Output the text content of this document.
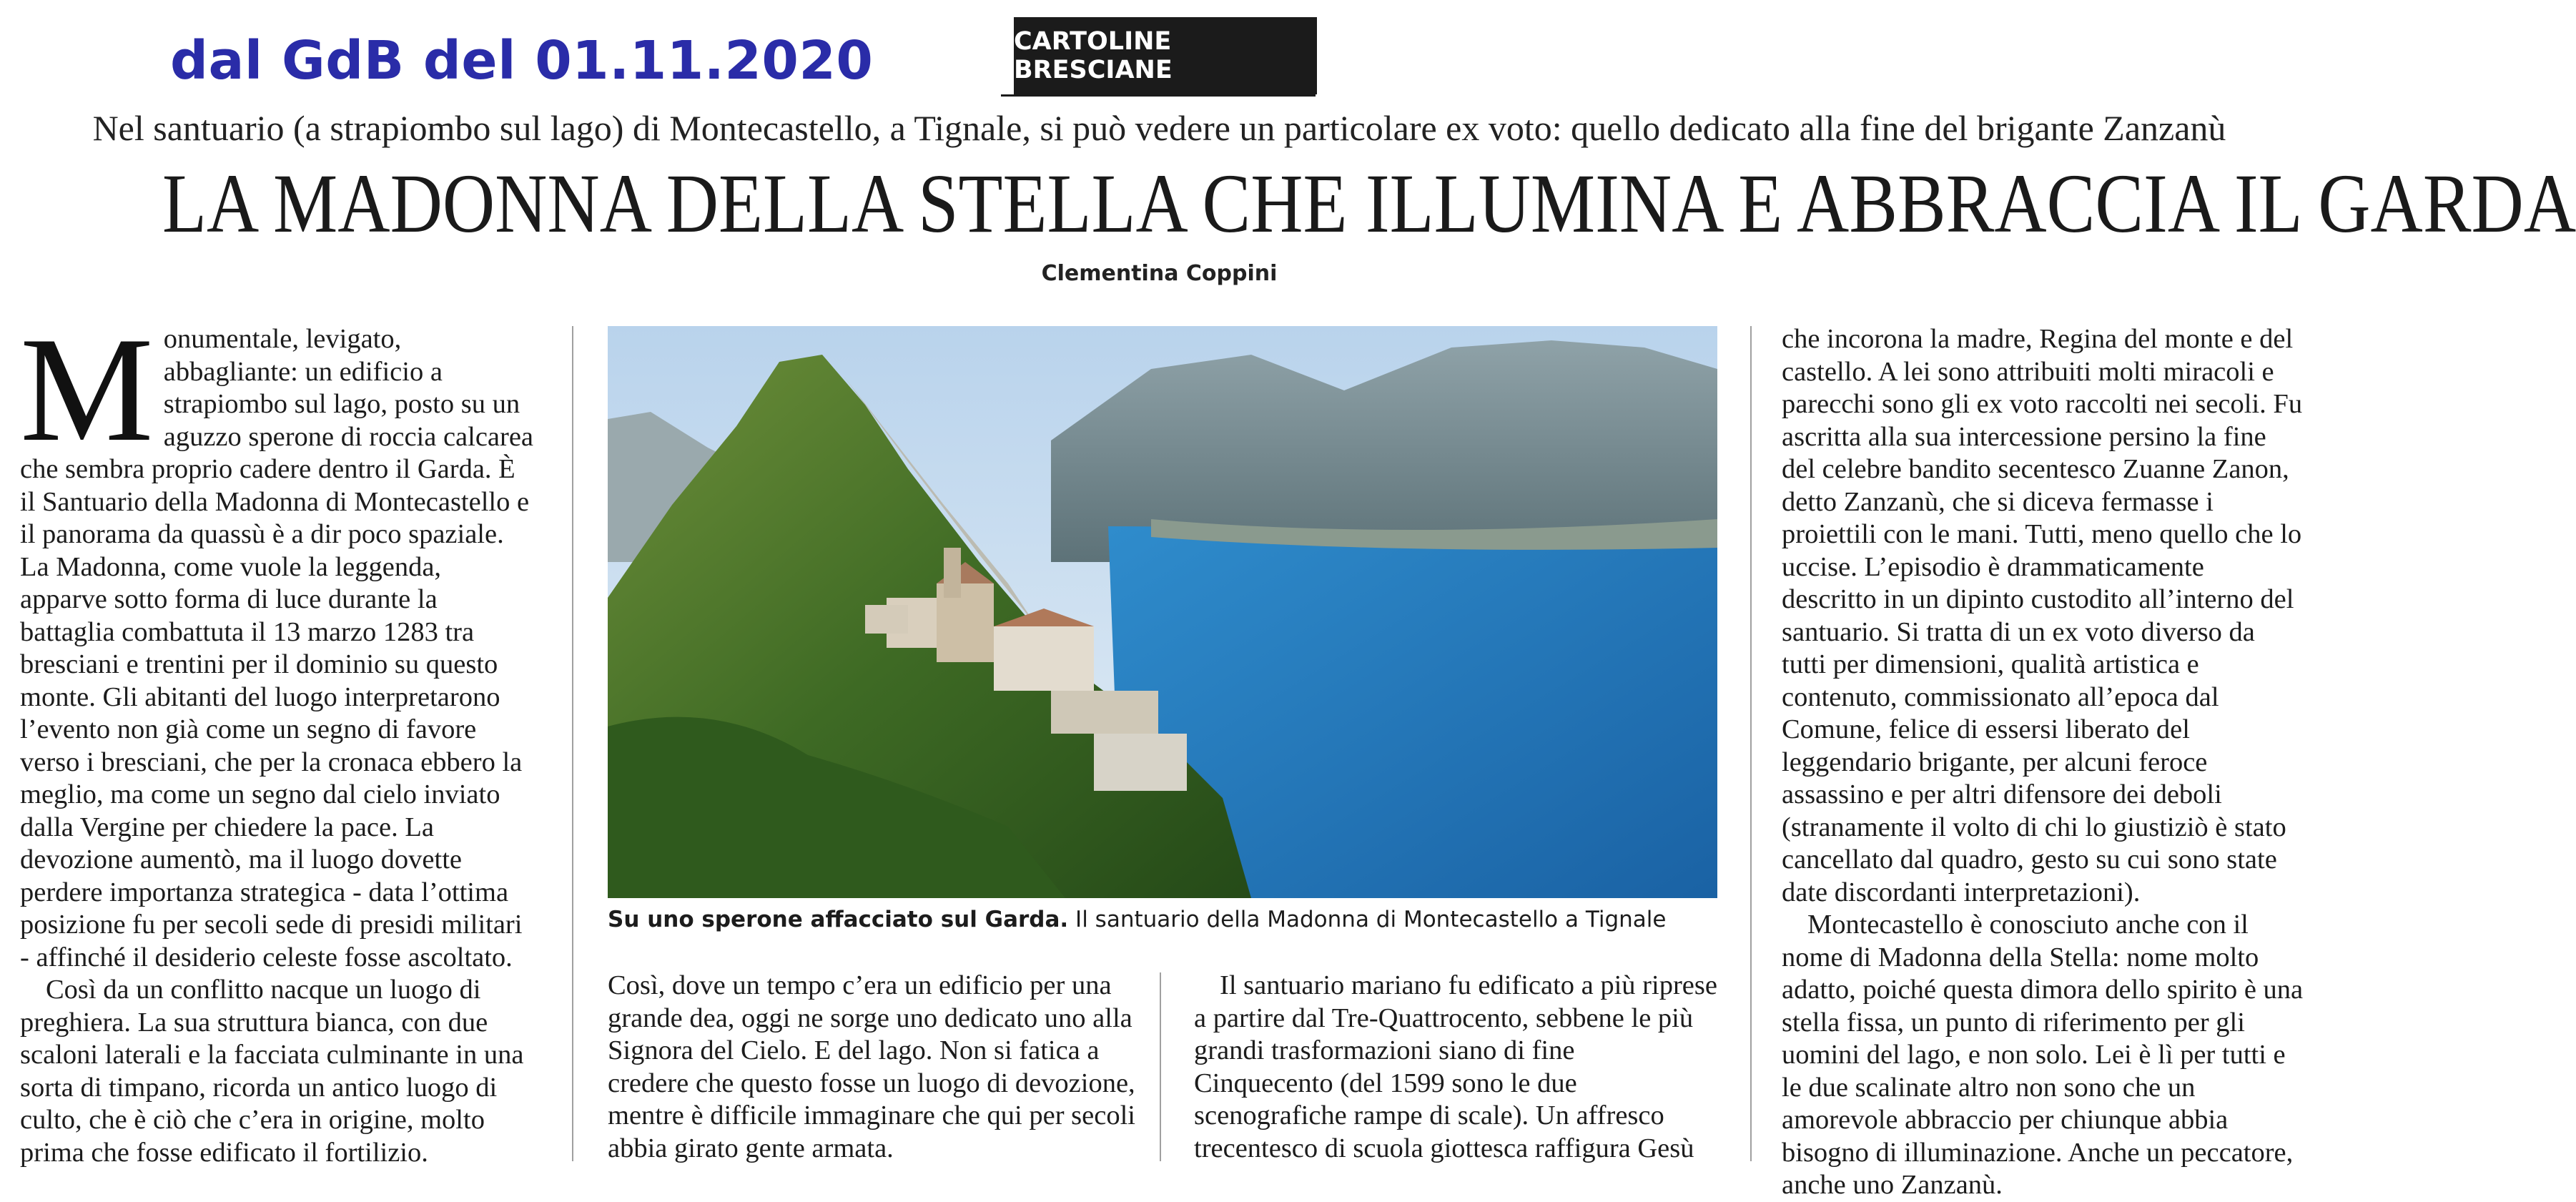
dal GdB del 01.11.2020	CARTOLINE BRESCIANE
Nel santuario (a strapiombo sul lago) di Montecastello, a Tignale, si può vedere un particolare ex voto: quello dedicato alla fine del brigante Zanzanù
LA MADONNA DELLA STELLA CHE ILLUMINA E ABBRACCIA IL GARDA
Clementina Coppini
M onumentale, levigato, abbagliante: un edificio a strapiombo sul lago, posto su un aguzzo sperone di roccia calcarea che sembra proprio cadere dentro il Garda. È il Santuario della Madonna di Montecastello e il panorama da quassù è a dir poco spaziale. La Madonna, come vuole la leggenda, apparve sotto forma di luce durante la battaglia combattuta il 13 marzo 1283 tra bresciani e trentini per il dominio su questo monte. Gli abitanti del luogo interpretarono l’evento non già come un segno di favore verso i bresciani, che per la cronaca ebbero la meglio, ma come un segno dal cielo inviato dalla Vergine per chiedere la pace. La devozione aumentò, ma il luogo dovette perdere importanza strategica - data l’ottima posizione fu per secoli sede di presidi militari - affinché il desiderio celeste fosse ascoltato.

Così da un conflitto nacque un luogo di preghiera. La sua struttura bianca, con due scaloni laterali e la facciata culminante in una sorta di timpano, ricorda un antico luogo di culto, che è ciò che c’era in origine, molto prima che fosse edificato il fortilizio.

Su uno sperone affacciato sul Garda. Il santuario della Madonna di Montecastello a Tignale

Così, dove un tempo c’era un edificio per una grande dea, oggi ne sorge uno dedicato uno alla Signora del Cielo. E del lago. Non si fatica a credere che questo fosse un luogo di devozione, mentre è difficile immaginare che qui per secoli abbia girato gente armata.

Il santuario mariano fu edificato a più riprese a partire dal Tre-Quattrocento, sebbene le più grandi trasformazioni siano di fine Cinquecento (del 1599 sono le due scenografiche rampe di scale). Un affresco trecentesco di scuola giottesca raffigura Gesù

che incorona la madre, Regina del monte e del castello. A lei sono attribuiti molti miracoli e parecchi sono gli ex voto raccolti nei secoli. Fu ascritta alla sua intercessione persino la fine del celebre bandito secentesco Zuanne Zanon, detto Zanzanù, che si diceva fermasse i proiettili con le mani. Tutti, meno quello che lo uccise. L’episodio è drammaticamente descritto in un dipinto custodito all’interno del santuario. Si tratta di un ex voto diverso da tutti per dimensioni, qualità artistica e contenuto, commissionato all’epoca dal Comune, felice di essersi liberato del leggendario brigante, per alcuni feroce assassino e per altri difensore dei deboli (stranamente il volto di chi lo giustiziò è stato cancellato dal quadro, gesto su cui sono state date discordanti interpretazioni).

Montecastello è conosciuto anche con il nome di Madonna della Stella: nome molto adatto, poiché questa dimora dello spirito è una stella fissa, un punto di riferimento per gli uomini del lago, e non solo. Lei è lì per tutti e le due scalinate altro non sono che un amorevole abbraccio per chiunque abbia bisogno di illuminazione. Anche un peccatore, anche uno Zanzanù.
